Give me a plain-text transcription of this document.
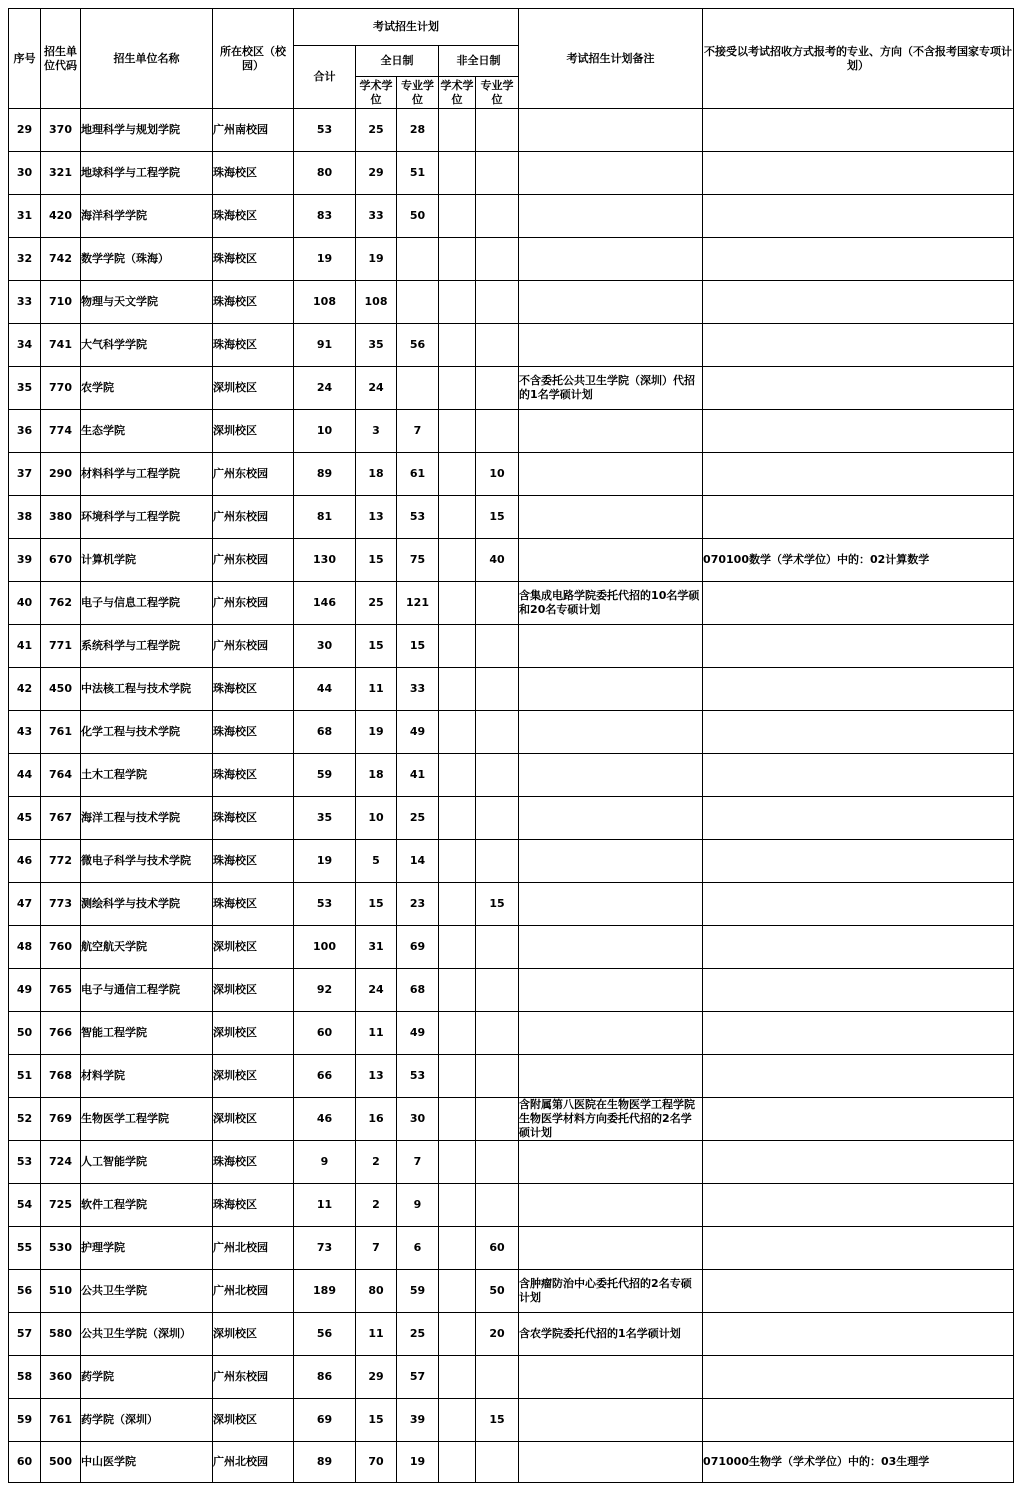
序号	招生单位代码	招生单位名称	所在校区（校园）	考试招生计划					考试招生计划备注	不接受以考试招收方式报考的专业、方向（不含报考国家专项计划）
				合计	全日制		非全日制			
					学术学位	专业学位	学术学位	专业学位		
29	370	地理科学与规划学院	广州南校园	53	25	28				
30	321	地球科学与工程学院	珠海校区	80	29	51				
31	420	海洋科学学院	珠海校区	83	33	50				
32	742	数学学院（珠海）	珠海校区	19	19					
33	710	物理与天文学院	珠海校区	108	108					
34	741	大气科学学院	珠海校区	91	35	56				
35	770	农学院	深圳校区	24	24				不含委托公共卫生学院（深圳）代招的1名学硕计划	
36	774	生态学院	深圳校区	10	3	7				
37	290	材料科学与工程学院	广州东校园	89	18	61		10		
38	380	环境科学与工程学院	广州东校园	81	13	53		15		
39	670	计算机学院	广州东校园	130	15	75		40		070100数学（学术学位）中的：02计算数学
40	762	电子与信息工程学院	广州东校园	146	25	121			含集成电路学院委托代招的10名学硕和20名专硕计划	
41	771	系统科学与工程学院	广州东校园	30	15	15				
42	450	中法核工程与技术学院	珠海校区	44	11	33				
43	761	化学工程与技术学院	珠海校区	68	19	49				
44	764	土木工程学院	珠海校区	59	18	41				
45	767	海洋工程与技术学院	珠海校区	35	10	25				
46	772	微电子科学与技术学院	珠海校区	19	5	14				
47	773	测绘科学与技术学院	珠海校区	53	15	23		15		
48	760	航空航天学院	深圳校区	100	31	69				
49	765	电子与通信工程学院	深圳校区	92	24	68				
50	766	智能工程学院	深圳校区	60	11	49				
51	768	材料学院	深圳校区	66	13	53				
52	769	生物医学工程学院	深圳校区	46	16	30			含附属第八医院在生物医学工程学院生物医学材料方向委托代招的2名学硕计划	
53	724	人工智能学院	珠海校区	9	2	7				
54	725	软件工程学院	珠海校区	11	2	9				
55	530	护理学院	广州北校园	73	7	6		60		
56	510	公共卫生学院	广州北校园	189	80	59		50	含肿瘤防治中心委托代招的2名专硕计划	
57	580	公共卫生学院（深圳）	深圳校区	56	11	25		20	含农学院委托代招的1名学硕计划	
58	360	药学院	广州东校园	86	29	57				
59	761	药学院（深圳）	深圳校区	69	15	39		15		
60	500	中山医学院	广州北校园	89	70	19				071000生物学（学术学位）中的：03生理学
